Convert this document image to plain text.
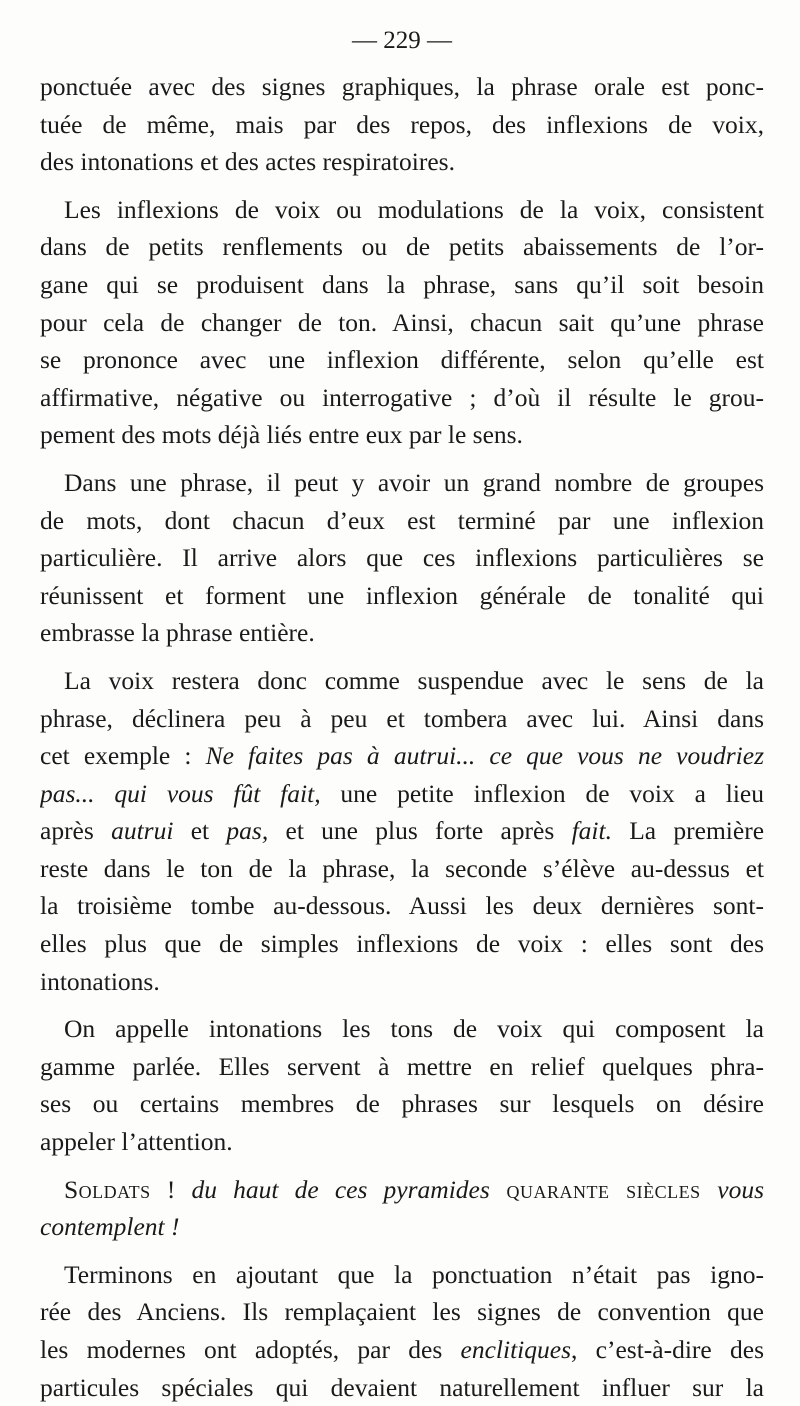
— 229 —

ponctuée avec des signes graphiques, la phrase orale est ponc-
tuée de même, mais par des repos, des inflexions de voix,
des intonations et des actes respiratoires.

Les inflexions de voix ou modulations de la voix, consistent
dans de petits renflements ou de petits abaissements de l’or-
gane qui se produisent dans la phrase, sans qu’il soit besoin
pour cela de changer de ton. Ainsi, chacun sait qu’une phrase
se prononce avec une inflexion différente, selon qu’elle est
affirmative, négative ou interrogative ; d’où il résulte le grou-
pement des mots déjà liés entre eux par le sens.

Dans une phrase, il peut y avoir un grand nombre de groupes
de mots, dont chacun d’eux est terminé par une inflexion
particulière. Il arrive alors que ces inflexions particulières se
réunissent et forment une inflexion générale de tonalité qui
embrasse la phrase entière.

La voix restera donc comme suspendue avec le sens de la
phrase, déclinera peu à peu et tombera avec lui. Ainsi dans
cet exemple : Ne faites pas à autrui... ce que vous ne voudriez
pas... qui vous fût fait, une petite inflexion de voix a lieu
après autrui et pas, et une plus forte après fait. La première
reste dans le ton de la phrase, la seconde s’élève au-dessus et
la troisième tombe au-dessous. Aussi les deux dernières sont-
elles plus que de simples inflexions de voix : elles sont des
intonations.

On appelle intonations les tons de voix qui composent la
gamme parlée. Elles servent à mettre en relief quelques phra-
ses ou certains membres de phrases sur lesquels on désire
appeler l’attention.

Soldats ! du haut de ces pyramides quarante siècles vous
contemplent !

Terminons en ajoutant que la ponctuation n’était pas igno-
rée des Anciens. Ils remplaçaient les signes de convention que
les modernes ont adoptés, par des enclitiques, c’est-à-dire des
particules spéciales qui devaient naturellement influer sur la
